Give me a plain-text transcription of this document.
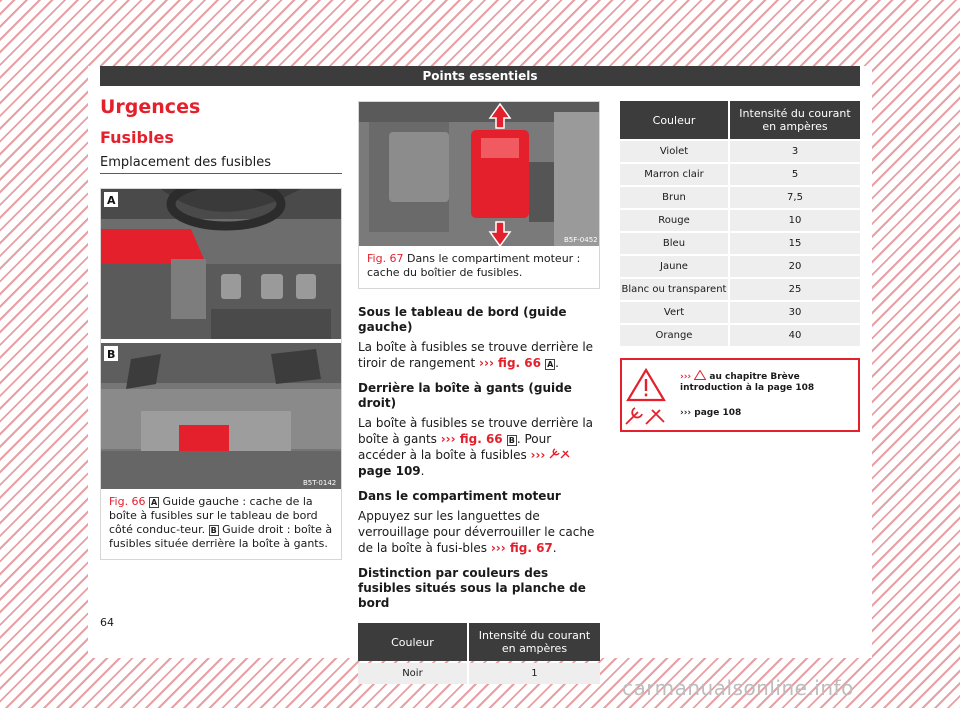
Points essentiels
Urgences
Fusibles
Emplacement des fusibles
B5T-0142
A
B
Fig. 66 A Guide gauche : cache de la boîte à fusibles sur le tableau de bord côté conduc-teur. B Guide droit : boîte à fusibles située derrière la boîte à gants.
B5F-0452
Fig. 67 Dans le compartiment moteur : cache du boîtier de fusibles.
Sous le tableau de bord (guide gauche)
La boîte à fusibles se trouve derrière le tiroir de rangement ››› fig. 66 A .
Derrière la boîte à gants (guide droit)
La boîte à fusibles se trouve derrière la boîte à gants ››› fig. 66 B . Pour accéder à la boîte à fusibles ›››  page 109.
Dans le compartiment moteur
Appuyez sur les languettes de verrouillage pour déverrouiller le cache de la boîte à fusi-bles ››› fig. 67.
Distinction par couleurs des fusibles situés sous la planche de bord
Couleur	Intensité du courant en ampères
Noir	1
Couleur	Intensité du courant en ampères
Violet	3
Marron clair	5
Brun	7,5
Rouge	10
Bleu	15
Jaune	20
Blanc ou transparent	25
Vert	30
Orange	40
›››  au chapitre Brève introduction à la page 108
››› page 108
64
carmanualsonline.info
